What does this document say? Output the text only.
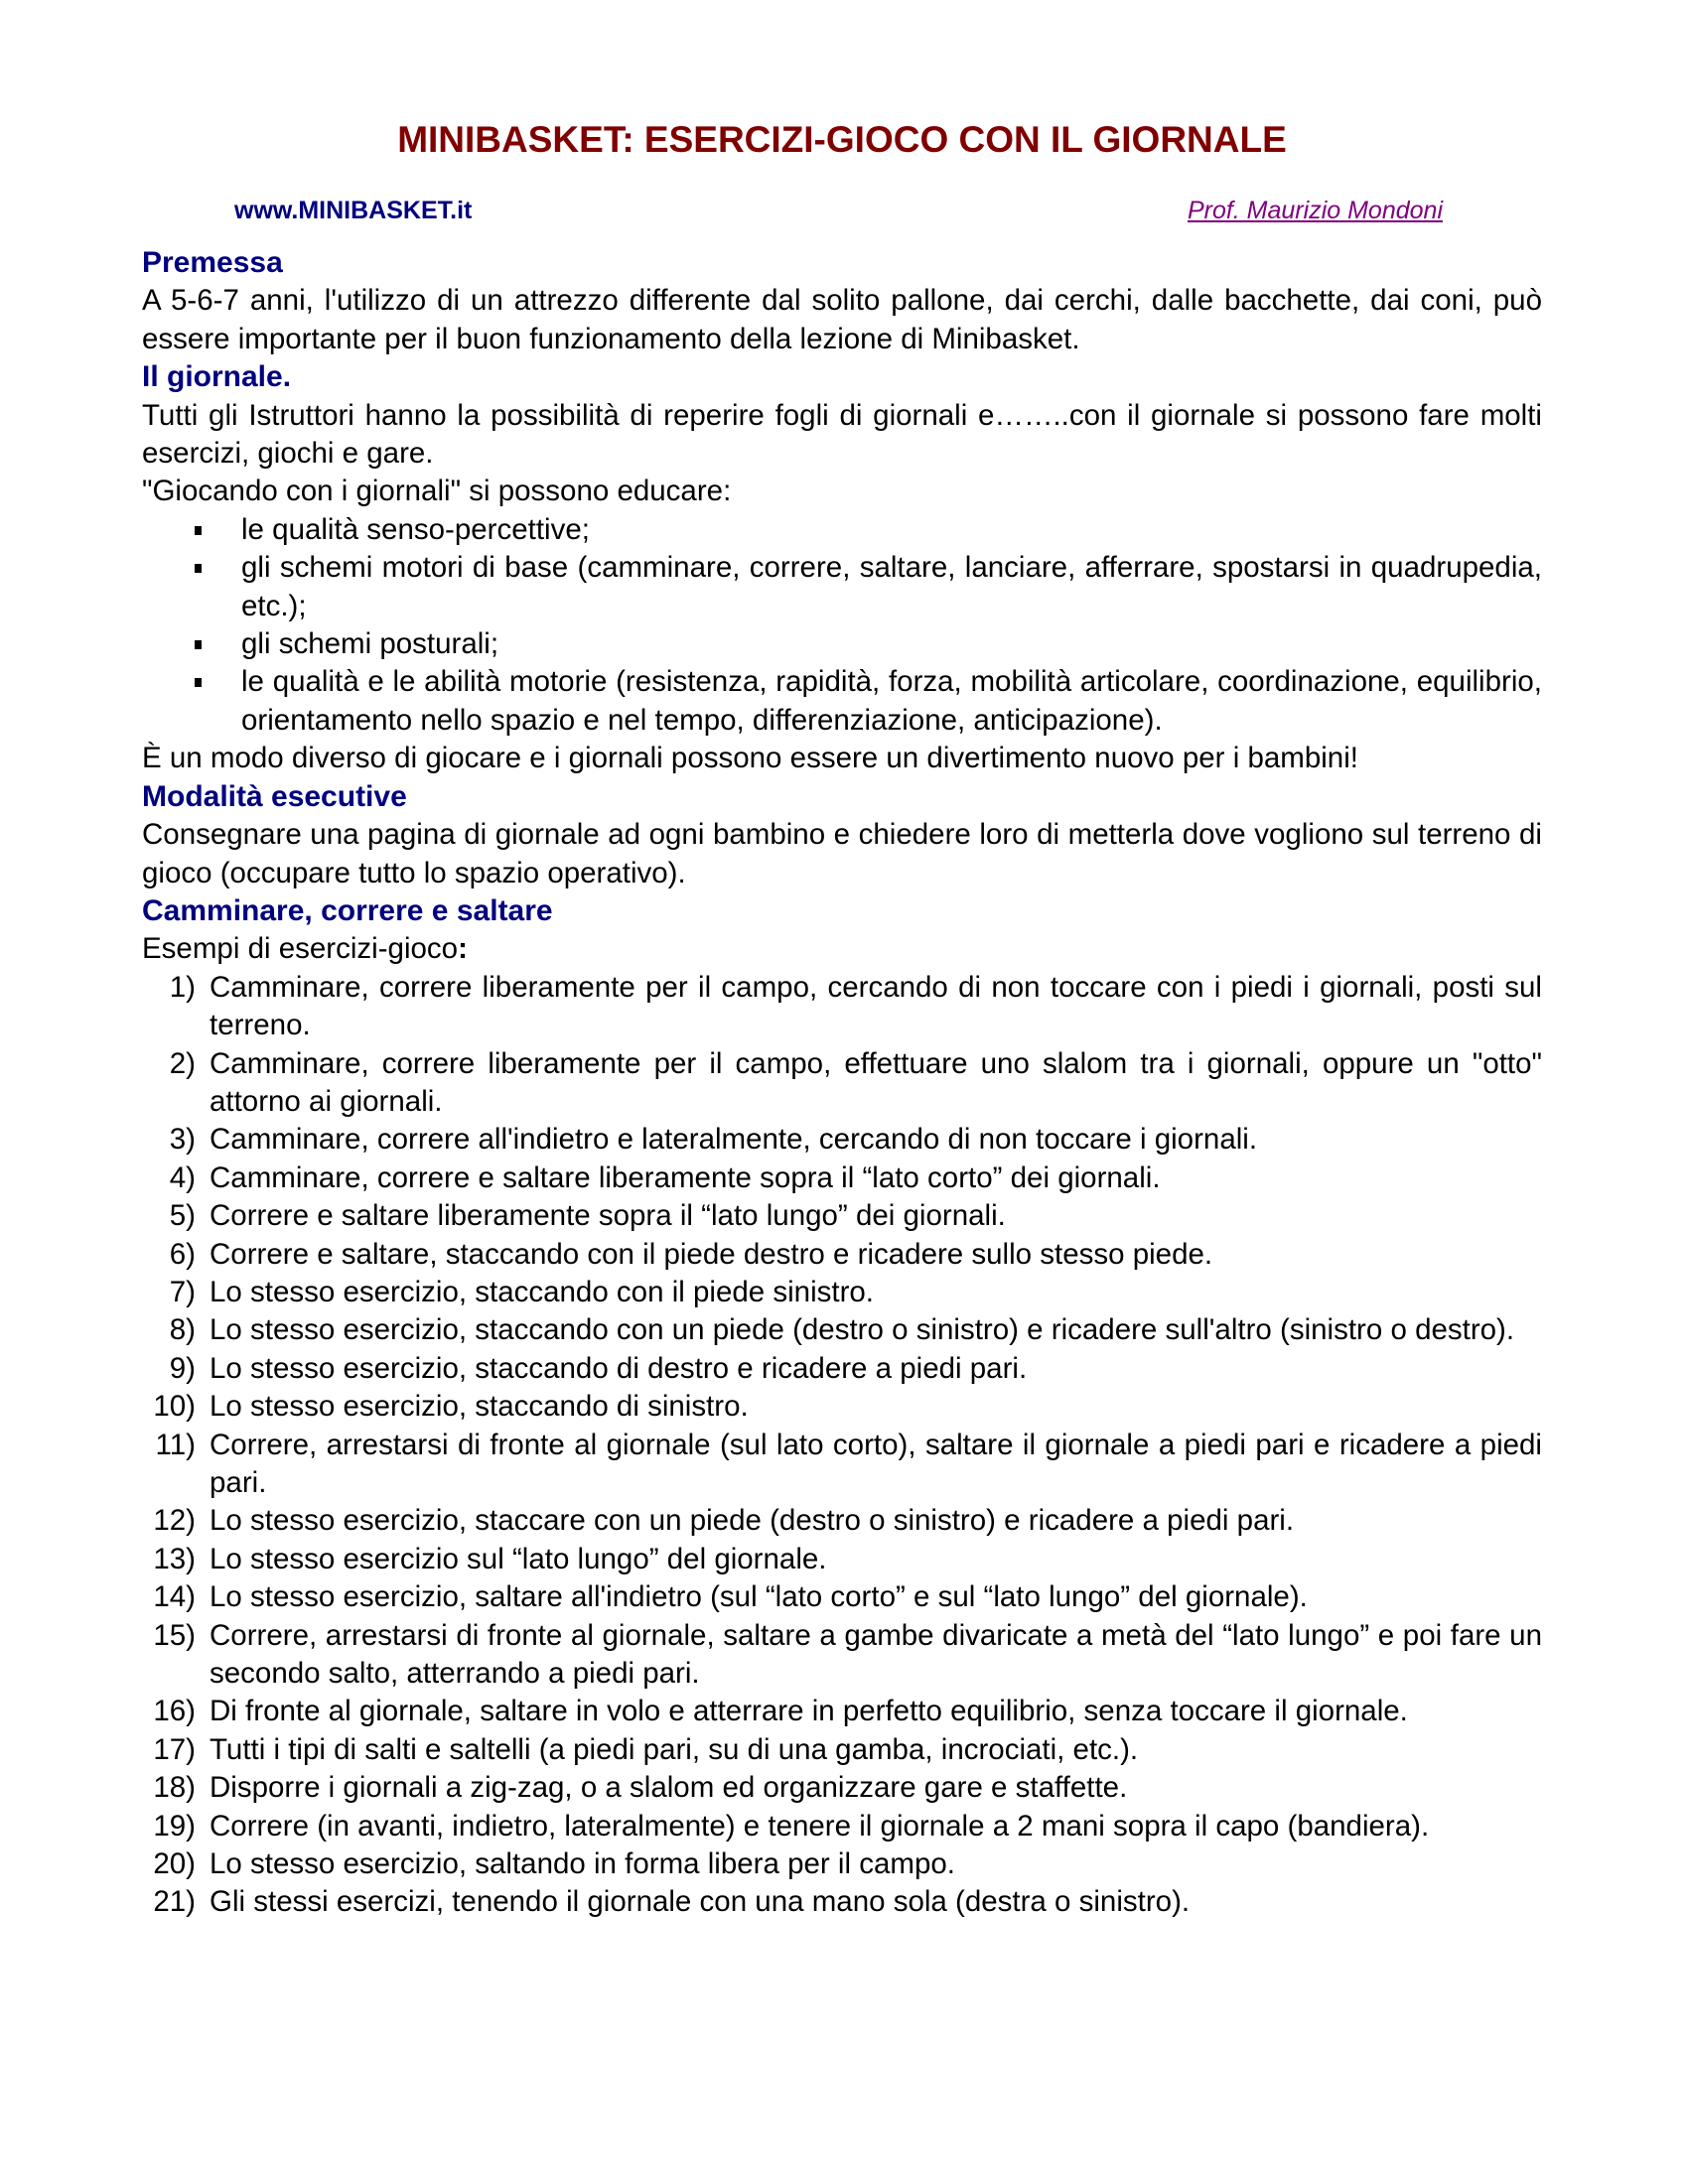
MINIBASKET: ESERCIZI-GIOCO CON IL GIORNALE
www.MINIBASKET.it	Prof. Maurizio Mondoni
Premessa
A 5-6-7 anni, l'utilizzo di un attrezzo differente dal solito pallone, dai cerchi, dalle bacchette, dai coni, può essere importante per il buon funzionamento della lezione di Minibasket.
Il giornale.
Tutti gli Istruttori hanno la possibilità di reperire fogli di giornali e……..con il giornale si possono fare molti esercizi, giochi e gare.
"Giocando con i giornali" si possono educare:
le qualità senso-percettive;
gli schemi motori di base (camminare, correre, saltare, lanciare, afferrare, spostarsi in quadrupedia, etc.);
gli schemi posturali;
le qualità e le abilità motorie (resistenza, rapidità, forza, mobilità articolare, coordinazione, equilibrio, orientamento nello spazio e nel tempo, differenziazione, anticipazione).
È un modo diverso di giocare e i giornali possono essere un divertimento nuovo per i bambini!
Modalità esecutive
Consegnare una pagina di giornale ad ogni bambino e chiedere loro di metterla dove vogliono sul terreno di gioco (occupare tutto lo spazio operativo).
Camminare, correre e saltare
Esempi di esercizi-gioco:
1) Camminare, correre liberamente per il campo, cercando di non toccare con i piedi i giornali, posti sul terreno.
2) Camminare, correre liberamente per il campo, effettuare uno slalom tra i giornali, oppure un "otto" attorno ai giornali.
3) Camminare, correre all'indietro e lateralmente, cercando di non toccare i giornali.
4) Camminare, correre e saltare liberamente sopra il “lato corto” dei giornali.
5) Correre e saltare liberamente sopra il “lato lungo” dei giornali.
6) Correre e saltare, staccando con il piede destro e ricadere sullo stesso piede.
7) Lo stesso esercizio, staccando con il piede sinistro.
8) Lo stesso esercizio, staccando con un piede (destro o sinistro) e ricadere sull'altro (sinistro o destro).
9) Lo stesso esercizio, staccando di destro e ricadere a piedi pari.
10) Lo stesso esercizio, staccando di sinistro.
11) Correre, arrestarsi di fronte al giornale (sul lato corto), saltare il giornale a piedi pari e ricadere a piedi pari.
12) Lo stesso esercizio, staccare con un piede (destro o sinistro) e ricadere a piedi pari.
13) Lo stesso esercizio sul “lato lungo” del giornale.
14) Lo stesso esercizio, saltare all'indietro (sul “lato corto” e sul “lato lungo” del giornale).
15) Correre, arrestarsi di fronte al giornale, saltare a gambe divaricate a metà del “lato lungo” e poi fare un secondo salto, atterrando a piedi pari.
16) Di fronte al giornale, saltare in volo e atterrare in perfetto equilibrio, senza toccare il giornale.
17) Tutti i tipi di salti e saltelli (a piedi pari, su di una gamba, incrociati, etc.).
18) Disporre i giornali a zig-zag, o a slalom ed organizzare gare e staffette.
19) Correre (in avanti, indietro, lateralmente) e tenere il giornale a 2 mani sopra il capo (bandiera).
20) Lo stesso esercizio, saltando in forma libera per il campo.
21) Gli stessi esercizi, tenendo il giornale con una mano sola (destra o sinistro).
